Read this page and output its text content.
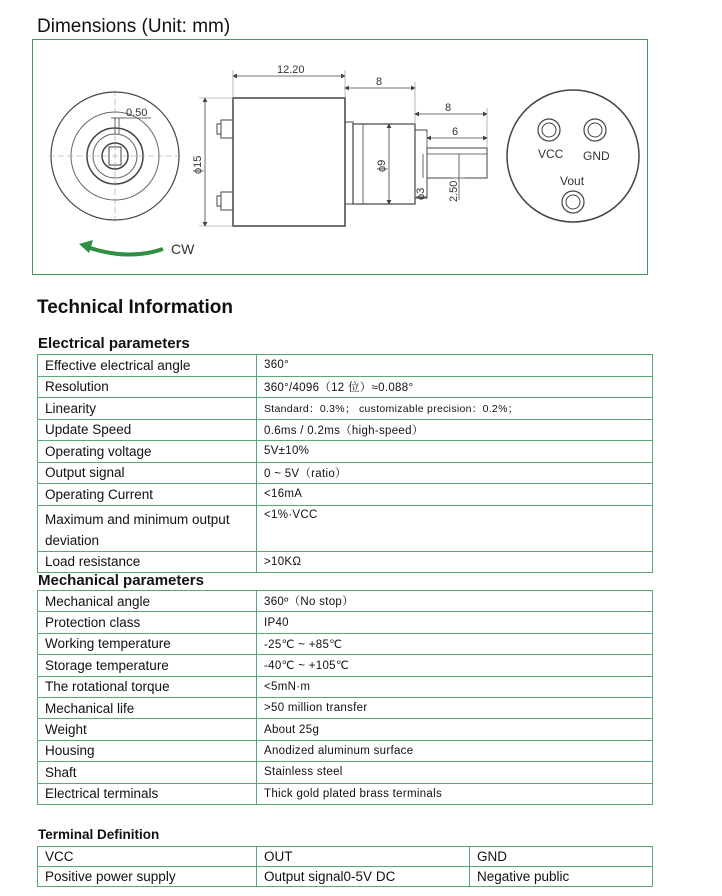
Dimensions (Unit: mm)
0.50
CW
12.20
8
8
6
ϕ15	ϕ9
ϕ3 2.50
VCC GND
Vout
Technical Information
Electrical parameters
Effective electrical angle	360°
Resolution	360°/4096（12 位）≈0.088°
Linearity	Standard：0.3%； customizable precision：0.2%；
Update Speed	0.6ms / 0.2ms（high-speed）
Operating voltage	5V±10%
Output signal	0 ~ 5V（ratio）
Operating Current	<16mA
Maximum and minimum output deviation	<1%·VCC
Load resistance	>10KΩ
Mechanical parameters
Mechanical angle	360º（No stop）
Protection class	IP40
Working temperature	-25℃ ~ +85℃
Storage temperature	-40℃ ~ +105℃
The rotational torque	<5mN·m
Mechanical life	>50 million transfer
Weight	About 25g
Housing	Anodized aluminum surface
Shaft	Stainless steel
Electrical terminals	Thick gold plated brass terminals
Terminal Definition
VCC	OUT	GND
Positive power supply	Output signal0-5V DC	Negative public
